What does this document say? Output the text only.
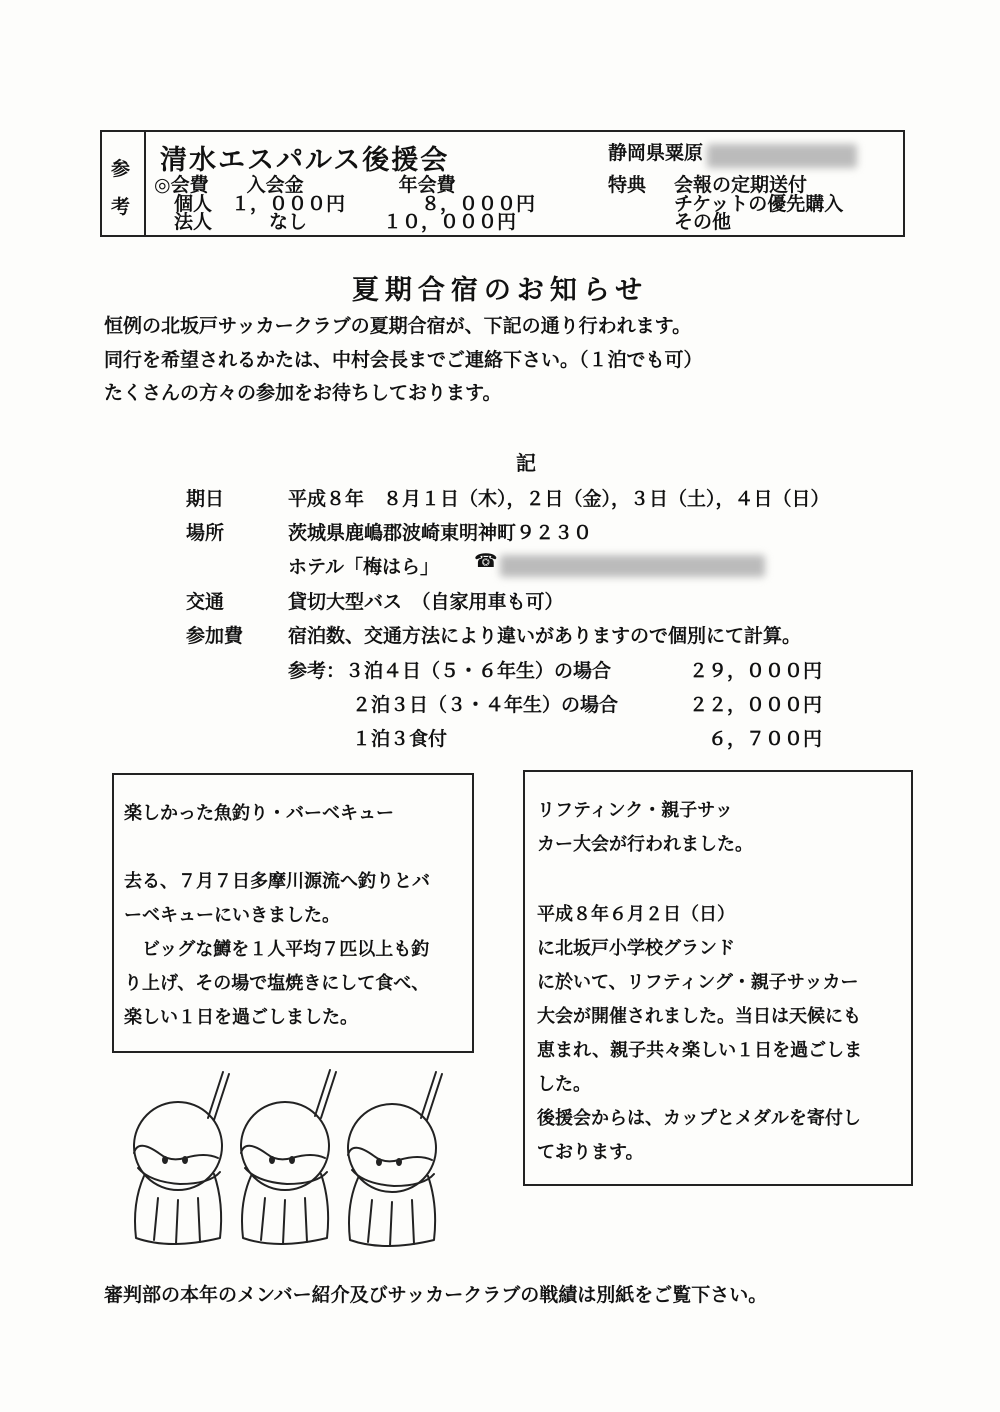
参
考
清水エスパルス後援会	静岡県粟原
◎会費　　入会金　　　　　年会費
個人　１，０００円　　　　８，０００円
法人　　　なし　　　　１０，０００円
特典 会報の定期送付
チケットの優先購入
その他
夏期合宿のお知らせ
恒例の北坂戸サッカークラブの夏期合宿が、下記の通り行われます。
同行を希望されるかたは、中村会長までご連絡下さい。（１泊でも可）
たくさんの方々の参加をお待ちしております。
記
期日	平成８年　８月１日（木），２日（金），３日（土），４日（日）
場所	茨城県鹿嶋郡波崎東明神町９２３０
ホテル「梅はら」 ☎
交通	貸切大型バス　（自家用車も可）
参加費 宿泊数、交通方法により違いがありますので個別にて計算。
参考：３泊４日（５・６年生）の場合	２９，０００円
２泊３日（３・４年生）の場合	２２，０００円
１泊３食付	６，７００円
楽しかった魚釣り・バーベキュー
去る、７月７日多摩川源流へ釣りとバ
ーベキューにいきました。
　ビッグな鱒を１人平均７匹以上も釣
り上げ、その場で塩焼きにして食べ、
楽しい１日を過ごしました。
リフティンク・親子サッ
カー大会が行われました。
平成８年６月２日（日）
に北坂戸小学校グランド
に於いて、リフティング・親子サッカー
大会が開催されました。当日は天候にも
恵まれ、親子共々楽しい１日を過ごしま
した。
後援会からは、カップとメダルを寄付し
ております。
審判部の本年のメンバー紹介及びサッカークラブの戦績は別紙をご覧下さい。
